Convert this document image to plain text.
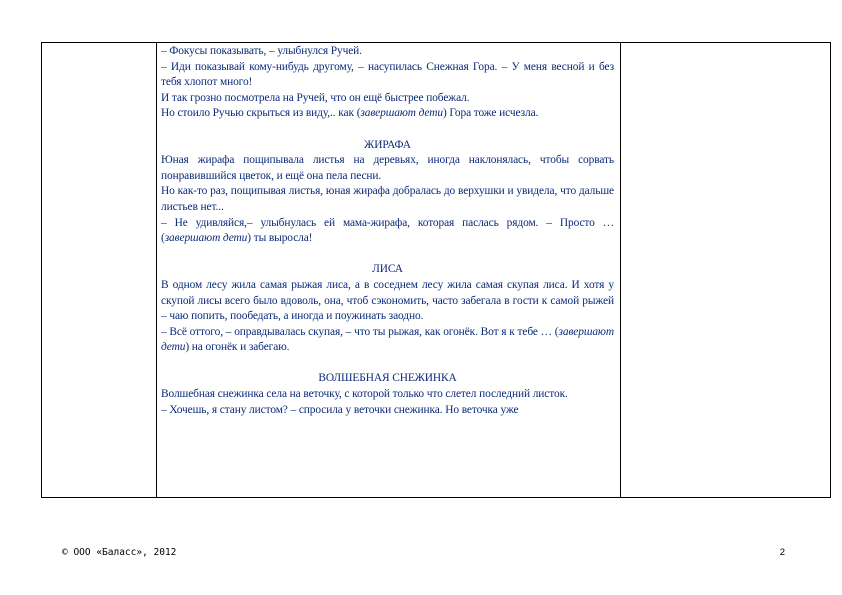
– Фокусы показывать, – улыбнулся Ручей.

– Иди показывай кому-нибудь другому, – насупилась Снежная Гора. – У меня весной и без тебя хлопот много!

И так грозно посмотрела на Ручей, что он ещё быстрее побежал.

Но стоило Ручью скрыться из виду,.. как (завершают дети) Гора тоже исчезла.

ЖИРАФА

Юная жирафа пощипывала листья на деревьях, иногда наклонялась, чтобы сорвать понравившийся цветок, и ещё она пела песни.

Но как-то раз, пощипывая листья, юная жирафа добралась до верхушки и увидела, что дальше листьев нет...

– Не удивляйся,– улыбнулась ей мама-жирафа, которая паслась рядом. – Просто … (завершают дети) ты выросла!

ЛИСА

В одном лесу жила самая рыжая лиса, а в соседнем лесу жила самая скупая лиса. И хотя у скупой лисы всего было вдоволь, она, чтоб сэкономить, часто забегала в гости к самой рыжей – чаю попить, пообедать, а иногда и поужинать заодно.

– Всё оттого, – оправдывалась скупая, – что ты рыжая, как огонёк. Вот я к тебе … (завершают дети) на огонёк и забегаю.

ВОЛШЕБНАЯ СНЕЖИНКА

Волшебная снежинка села на веточку, с которой только что слетел последний листок.

– Хочешь, я стану листом? – спросила у веточки снежинка. Но веточка уже

© ООО «Баласс», 2012	2
